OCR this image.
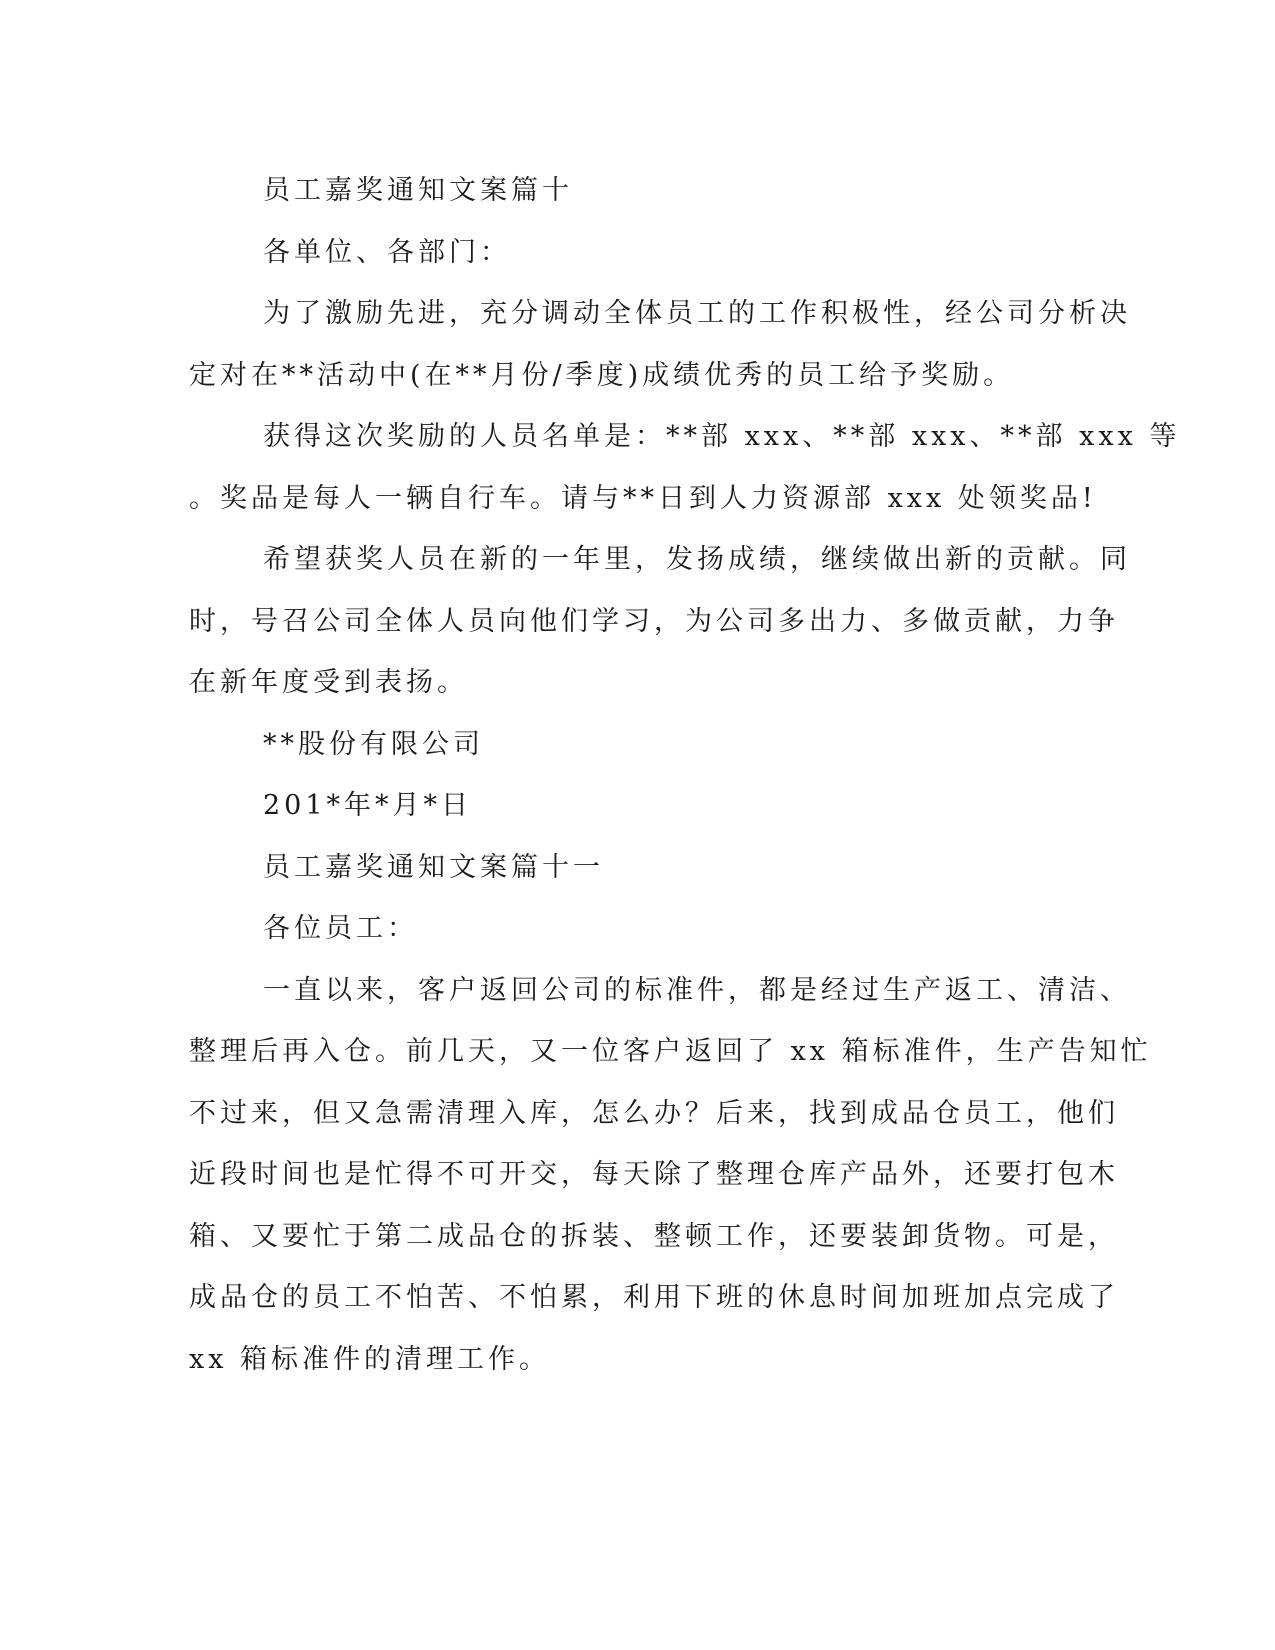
员工嘉奖通知文案篇十
各单位、各部门：
为了激励先进，充分调动全体员工的工作积极性，经公司分析决
定对在**活动中(在**月份/季度)成绩优秀的员工给予奖励。
获得这次奖励的人员名单是：**部 xxx、**部 xxx、**部 xxx 等
。奖品是每人一辆自行车。请与**日到人力资源部 xxx 处领奖品!
希望获奖人员在新的一年里，发扬成绩，继续做出新的贡献。同
时，号召公司全体人员向他们学习，为公司多出力、多做贡献，力争
在新年度受到表扬。
**股份有限公司
201*年*月*日
员工嘉奖通知文案篇十一
各位员工：
一直以来，客户返回公司的标准件，都是经过生产返工、清洁、
整理后再入仓。前几天，又一位客户返回了 xx 箱标准件，生产告知忙
不过来，但又急需清理入库，怎么办？后来，找到成品仓员工，他们
近段时间也是忙得不可开交，每天除了整理仓库产品外，还要打包木
箱、又要忙于第二成品仓的拆装、整顿工作，还要装卸货物。可是，
成品仓的员工不怕苦、不怕累，利用下班的休息时间加班加点完成了
xx 箱标准件的清理工作。
